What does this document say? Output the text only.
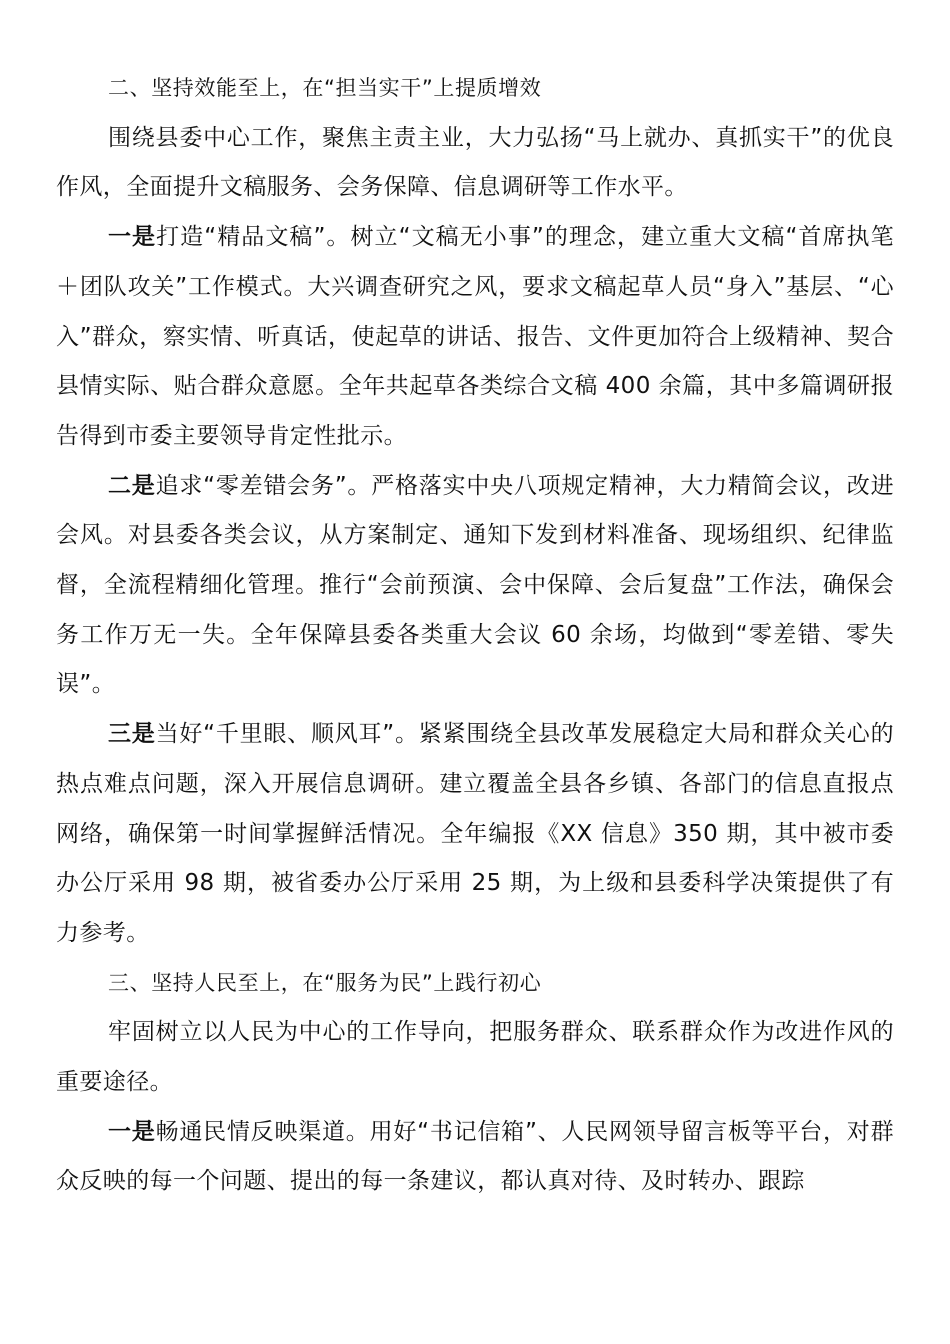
二、坚持效能至上，在“担当实干”上提质增效

围绕县委中心工作，聚焦主责主业，大力弘扬“马上就办、真抓实干”的优良作风，全面提升文稿服务、会务保障、信息调研等工作水平。

一是打造“精品文稿”。树立“文稿无小事”的理念，建立重大文稿“首席执笔＋团队攻关”工作模式。大兴调查研究之风，要求文稿起草人员“身入”基层、“心入”群众，察实情、听真话，使起草的讲话、报告、文件更加符合上级精神、契合县情实际、贴合群众意愿。全年共起草各类综合文稿 400 余篇，其中多篇调研报告得到市委主要领导肯定性批示。

二是追求“零差错会务”。严格落实中央八项规定精神，大力精简会议，改进会风。对县委各类会议，从方案制定、通知下发到材料准备、现场组织、纪律监督，全流程精细化管理。推行“会前预演、会中保障、会后复盘”工作法，确保会务工作万无一失。全年保障县委各类重大会议 60 余场，均做到“零差错、零失误”。

三是当好“千里眼、顺风耳”。紧紧围绕全县改革发展稳定大局和群众关心的热点难点问题，深入开展信息调研。建立覆盖全县各乡镇、各部门的信息直报点网络，确保第一时间掌握鲜活情况。全年编报《XX 信息》350 期，其中被市委办公厅采用 98 期，被省委办公厅采用 25 期，为上级和县委科学决策提供了有力参考。

三、坚持人民至上，在“服务为民”上践行初心

牢固树立以人民为中心的工作导向，把服务群众、联系群众作为改进作风的重要途径。

一是畅通民情反映渠道。用好“书记信箱”、人民网领导留言板等平台，对群众反映的每一个问题、提出的每一条建议，都认真对待、及时转办、跟踪
